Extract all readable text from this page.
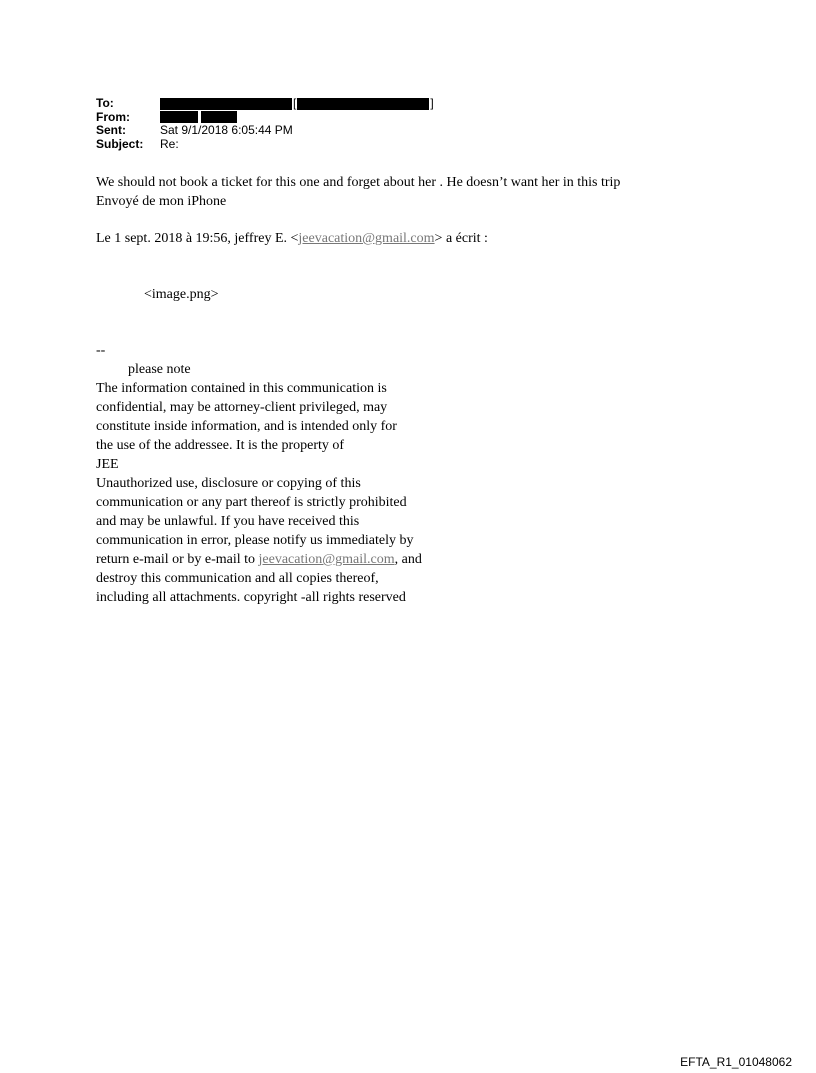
To:	[	]
From:
Sent:	Sat 9/1/2018 6:05:44 PM
Subject:	Re:
We should not book a ticket for this one and forget about her . He doesn’t want her in this trip
Envoyé de mon iPhone
Le 1 sept. 2018 à 19:56, jeffrey E. <jeevacation@gmail.com> a écrit :
<image.png>
--
please note
The information contained in this communication is
confidential, may be attorney-client privileged, may
constitute inside information, and is intended only for
the use of the addressee. It is the property of
JEE
Unauthorized use, disclosure or copying of this
communication or any part thereof is strictly prohibited
and may be unlawful. If you have received this
communication in error, please notify us immediately by
return e-mail or by e-mail to jeevacation@gmail.com, and
destroy this communication and all copies thereof,
including all attachments. copyright -all rights reserved
EFTA_R1_01048062
